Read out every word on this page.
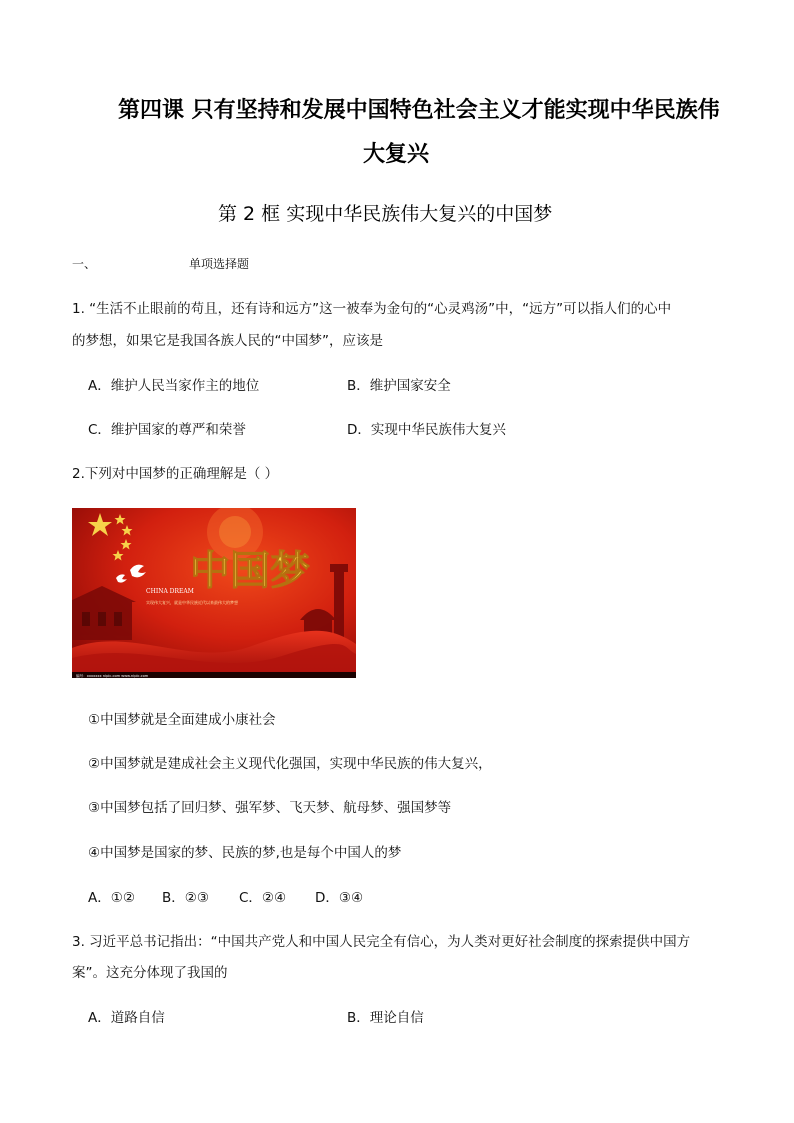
第四课 只有坚持和发展中国特色社会主义才能实现中华民族伟
大复兴
第 2 框 实现中华民族伟大复兴的中国梦
一、	单项选择题
1. “生活不止眼前的苟且，还有诗和远方”这一被奉为金句的“心灵鸡汤”中，“远方”可以指人们的心中
的梦想，如果它是我国各族人民的“中国梦”，应该是
A．维护人民当家作主的地位	B．维护国家安全
C．维护国家的尊严和荣誉	D．实现中华民族伟大复兴
2.下列对中国梦的正确理解是（ ）
中国梦
CHINA DREAM
实现伟大复兴，就是中华民族近代以来最伟大的梦想
编号：xxxxxxx nipic.com www.nipic.com
①中国梦就是全面建成小康社会
②中国梦就是建成社会主义现代化强国，实现中华民族的伟大复兴，
③中国梦包括了回归梦、强军梦、飞天梦、航母梦、强国梦等
④中国梦是国家的梦、民族的梦,也是每个中国人的梦
A．①② B．②③ C．②④ D．③④
3. 习近平总书记指出：“中国共产党人和中国人民完全有信心，为人类对更好社会制度的探索提供中国方
案”。这充分体现了我国的
A．道路自信	B．理论自信
